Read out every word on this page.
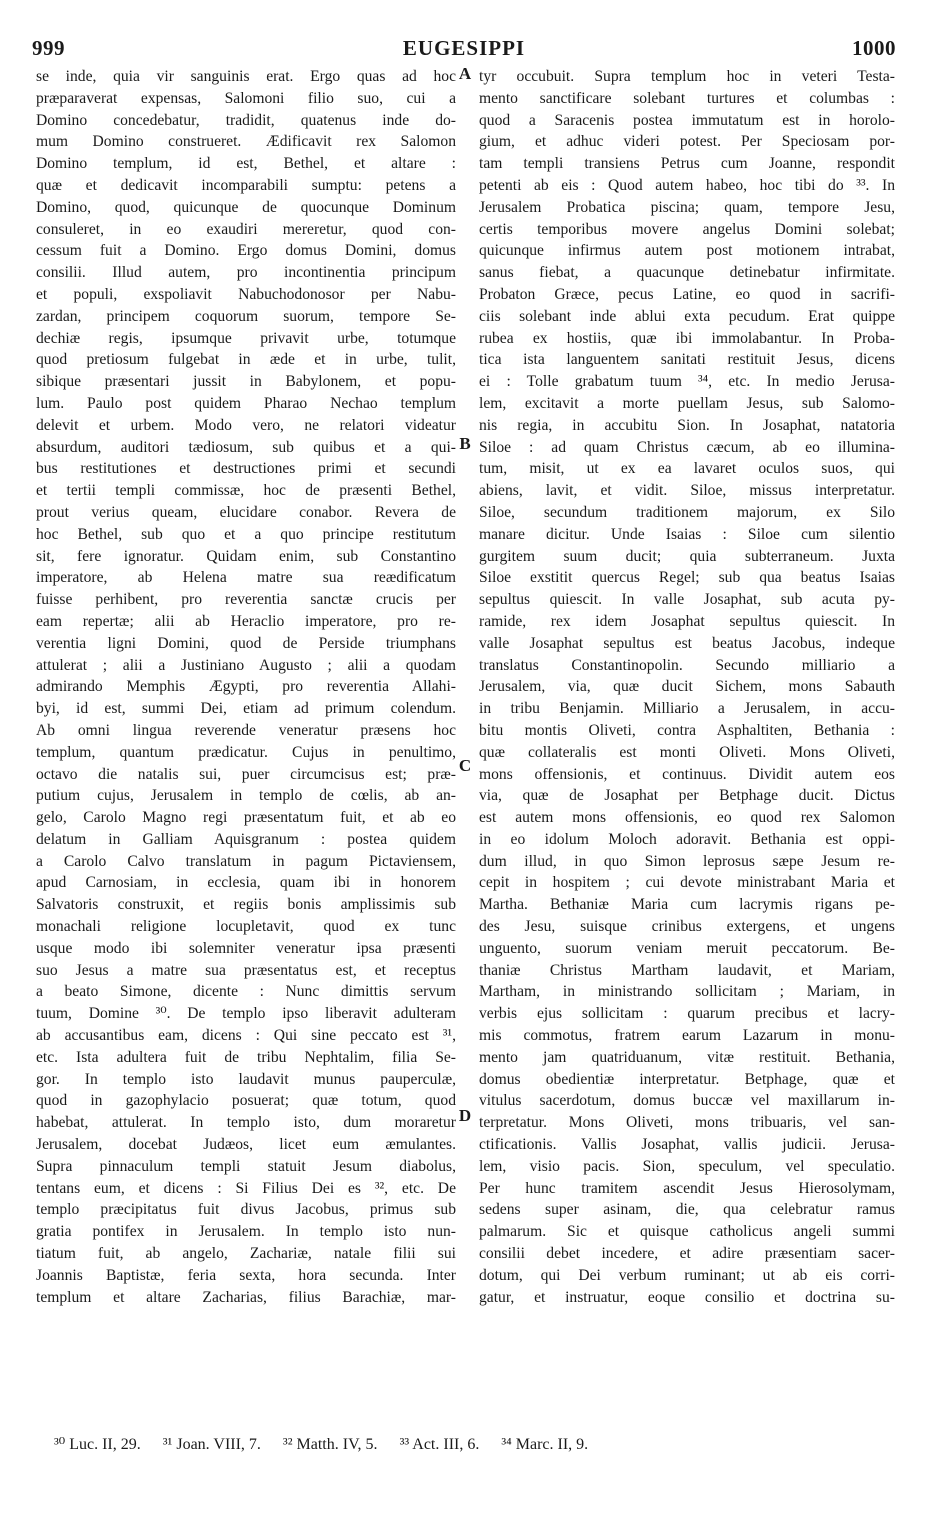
999	EUGESIPPI	1000
se inde, quia vir sanguinis erat. Ergo quas ad hoc
præparaverat expensas, Salomoni filio suo, cui a
Domino concedebatur, tradidit, quatenus inde do-
mum Domino construeret. Ædificavit rex Salomon
Domino templum, id est, Bethel, et altare :
quæ et dedicavit incomparabili sumptu: petens a
Domino, quod, quicunque de quocunque Dominum
consuleret, in eo exaudiri mereretur, quod con-
cessum fuit a Domino. Ergo domus Domini, domus
consilii. Illud autem, pro incontinentia principum
et populi, exspoliavit Nabuchodonosor per Nabu-
zardan, principem coquorum suorum, tempore Se-
dechiæ regis, ipsumque privavit urbe, totumque
quod pretiosum fulgebat in æde et in urbe, tulit,
sibique præsentari jussit in Babylonem, et popu-
lum. Paulo post quidem Pharao Nechao templum
delevit et urbem. Modo vero, ne relatori videatur
absurdum, auditori tædiosum, sub quibus et a qui-
bus restitutiones et destructiones primi et secundi
et tertii templi commissæ, hoc de præsenti Bethel,
prout verius queam, elucidare conabor. Revera de
hoc Bethel, sub quo et a quo principe restitutum
sit, fere ignoratur. Quidam enim, sub Constantino
imperatore, ab Helena matre sua reædificatum
fuisse perhibent, pro reverentia sanctæ crucis per
eam repertæ; alii ab Heraclio imperatore, pro re-
verentia ligni Domini, quod de Perside triumphans
attulerat ; alii a Justiniano Augusto ; alii a quodam
admirando Memphis Ægypti, pro reverentia Allahi-
byi, id est, summi Dei, etiam ad primum colendum.
Ab omni lingua reverende veneratur præsens hoc
templum, quantum prædicatur. Cujus in penultimo,
octavo die natalis sui, puer circumcisus est; præ-
putium cujus, Jerusalem in templo de cœlis, ab an-
gelo, Carolo Magno regi præsentatum fuit, et ab eo
delatum in Galliam Aquisgranum : postea quidem
a Carolo Calvo translatum in pagum Pictaviensem,
apud Carnosiam, in ecclesia, quam ibi in honorem
Salvatoris construxit, et regiis bonis amplissimis sub
monachali religione locupletavit, quod ex tunc
usque modo ibi solemniter veneratur ipsa præsenti
suo Jesus a matre sua præsentatus est, et receptus
a beato Simone, dicente : Nunc dimittis servum
tuum, Domine ³⁰. De templo ipso liberavit adulteram
ab accusantibus eam, dicens : Qui sine peccato est ³¹,
etc. Ista adultera fuit de tribu Nephtalim, filia Se-
gor. In templo isto laudavit munus pauperculæ,
quod in gazophylacio posuerat; quæ totum, quod
habebat, attulerat. In templo isto, dum moraretur
Jerusalem, docebat Judæos, licet eum æmulantes.
Supra pinnaculum templi statuit Jesum diabolus,
tentans eum, et dicens : Si Filius Dei es ³², etc. De
templo præcipitatus fuit divus Jacobus, primus sub
gratia pontifex in Jerusalem. In templo isto nun-
tiatum fuit, ab angelo, Zachariæ, natale filii sui
Joannis Baptistæ, feria sexta, hora secunda. Inter
templum et altare Zacharias, filius Barachiæ, mar-
tyr occubuit. Supra templum hoc in veteri Testa-
mento sanctificare solebant turtures et columbas :
quod a Saracenis postea immutatum est in horolo-
gium, et adhuc videri potest. Per Speciosam por-
tam templi transiens Petrus cum Joanne, respondit
petenti ab eis : Quod autem habeo, hoc tibi do ³³. In
Jerusalem Probatica piscina; quam, tempore Jesu,
certis temporibus movere angelus Domini solebat;
quicunque infirmus autem post motionem intrabat,
sanus fiebat, a quacunque detinebatur infirmitate.
Probaton Græce, pecus Latine, eo quod in sacrifi-
ciis solebant inde ablui exta pecudum. Erat quippe
rubea ex hostiis, quæ ibi immolabantur. In Proba-
tica ista languentem sanitati restituit Jesus, dicens
ei : Tolle grabatum tuum ³⁴, etc. In medio Jerusa-
lem, excitavit a morte puellam Jesus, sub Salomo-
nis regia, in accubitu Sion. In Josaphat, natatoria
Siloe : ad quam Christus cæcum, ab eo illumina-
tum, misit, ut ex ea lavaret oculos suos, qui
abiens, lavit, et vidit. Siloe, missus interpretatur.
Siloe, secundum traditionem majorum, ex Silo
manare dicitur. Unde Isaias : Siloe cum silentio
gurgitem suum ducit; quia subterraneum. Juxta
Siloe exstitit quercus Regel; sub qua beatus Isaias
sepultus quiescit. In valle Josaphat, sub acuta py-
ramide, rex idem Josaphat sepultus quiescit. In
valle Josaphat sepultus est beatus Jacobus, indeque
translatus Constantinopolin. Secundo milliario a
Jerusalem, via, quæ ducit Sichem, mons Sabauth
in tribu Benjamin. Milliario a Jerusalem, in accu-
bitu montis Oliveti, contra Asphaltiten, Bethania :
quæ collateralis est monti Oliveti. Mons Oliveti,
mons offensionis, et continuus. Dividit autem eos
via, quæ de Josaphat per Betphage ducit. Dictus
est autem mons offensionis, eo quod rex Salomon
in eo idolum Moloch adoravit. Bethania est oppi-
dum illud, in quo Simon leprosus sæpe Jesum re-
cepit in hospitem ; cui devote ministrabant Maria et
Martha. Bethaniæ Maria cum lacrymis rigans pe-
des Jesu, suisque crinibus extergens, et ungens
unguento, suorum veniam meruit peccatorum. Be-
thaniæ Christus Martham laudavit, et Mariam,
Martham, in ministrando sollicitam ; Mariam, in
verbis ejus sollicitam : quarum precibus et lacry-
mis commotus, fratrem earum Lazarum in monu-
mento jam quatriduanum, vitæ restituit. Bethania,
domus obedientiæ interpretatur. Betphage, quæ et
vitulus sacerdotum, domus buccæ vel maxillarum in-
terpretatur. Mons Oliveti, mons tribuaris, vel san-
ctificationis. Vallis Josaphat, vallis judicii. Jerusa-
lem, visio pacis. Sion, speculum, vel speculatio.
Per hunc tramitem ascendit Jesus Hierosolymam,
sedens super asinam, die, qua celebratur ramus
palmarum. Sic et quisque catholicus angeli summi
consilii debet incedere, et adire præsentiam sacer-
dotum, qui Dei verbum ruminant; ut ab eis corri-
gatur, et instruatur, eoque consilio et doctrina su-
A
B
C
D
³⁰ Luc. II, 29. ³¹ Joan. VIII, 7. ³² Matth. IV, 5. ³³ Act. III, 6. ³⁴ Marc. II, 9.
